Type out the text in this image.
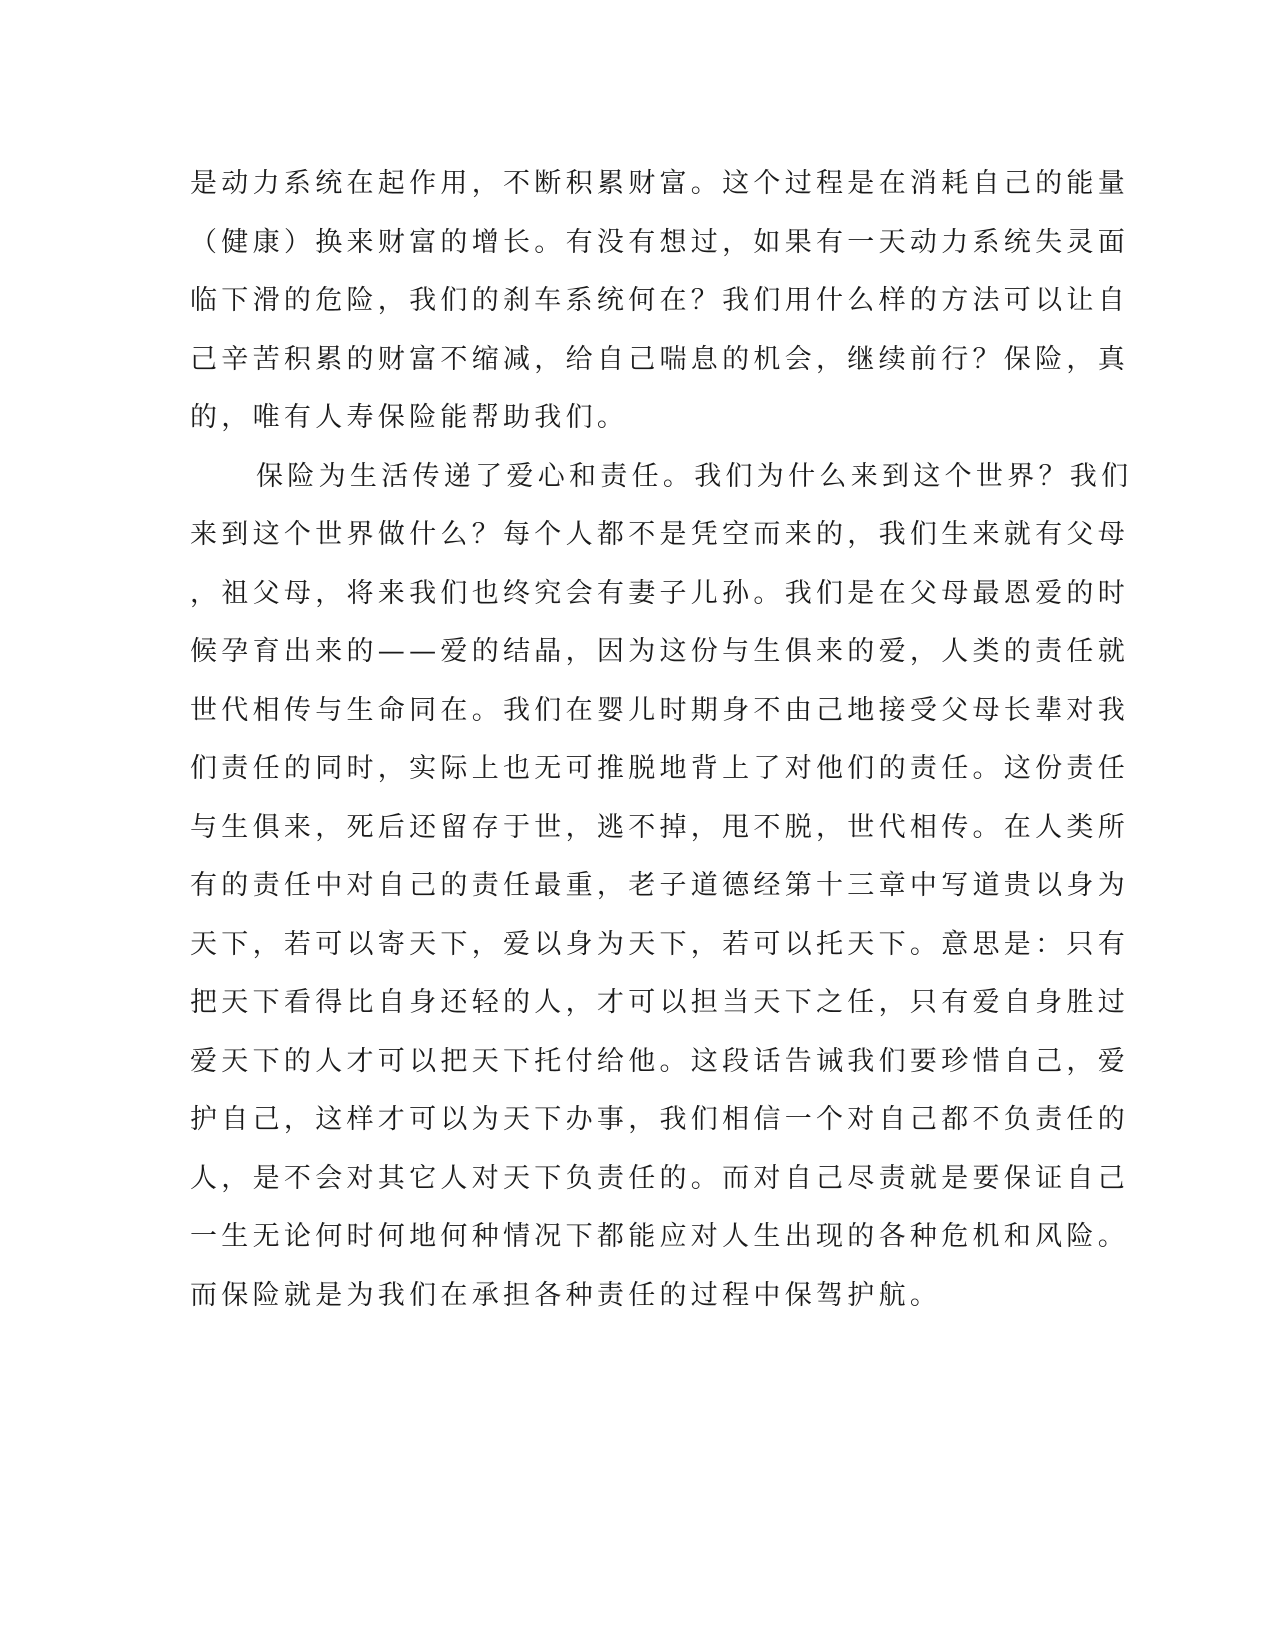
是动力系统在起作用，不断积累财富。这个过程是在消耗自己的能量
（健康）换来财富的增长。有没有想过，如果有一天动力系统失灵面
临下滑的危险，我们的刹车系统何在？我们用什么样的方法可以让自
己辛苦积累的财富不缩减，给自己喘息的机会，继续前行？保险，真
的，唯有人寿保险能帮助我们。
保险为生活传递了爱心和责任。我们为什么来到这个世界？我们
来到这个世界做什么？每个人都不是凭空而来的，我们生来就有父母
，祖父母，将来我们也终究会有妻子儿孙。我们是在父母最恩爱的时
候孕育出来的——爱的结晶，因为这份与生俱来的爱，人类的责任就
世代相传与生命同在。我们在婴儿时期身不由己地接受父母长辈对我
们责任的同时，实际上也无可推脱地背上了对他们的责任。这份责任
与生俱来，死后还留存于世，逃不掉，甩不脱，世代相传。在人类所
有的责任中对自己的责任最重，老子道德经第十三章中写道贵以身为
天下，若可以寄天下，爱以身为天下，若可以托天下。意思是：只有
把天下看得比自身还轻的人，才可以担当天下之任，只有爱自身胜过
爱天下的人才可以把天下托付给他。这段话告诫我们要珍惜自己，爱
护自己，这样才可以为天下办事，我们相信一个对自己都不负责任的
人，是不会对其它人对天下负责任的。而对自己尽责就是要保证自己
一生无论何时何地何种情况下都能应对人生出现的各种危机和风险。
而保险就是为我们在承担各种责任的过程中保驾护航。
